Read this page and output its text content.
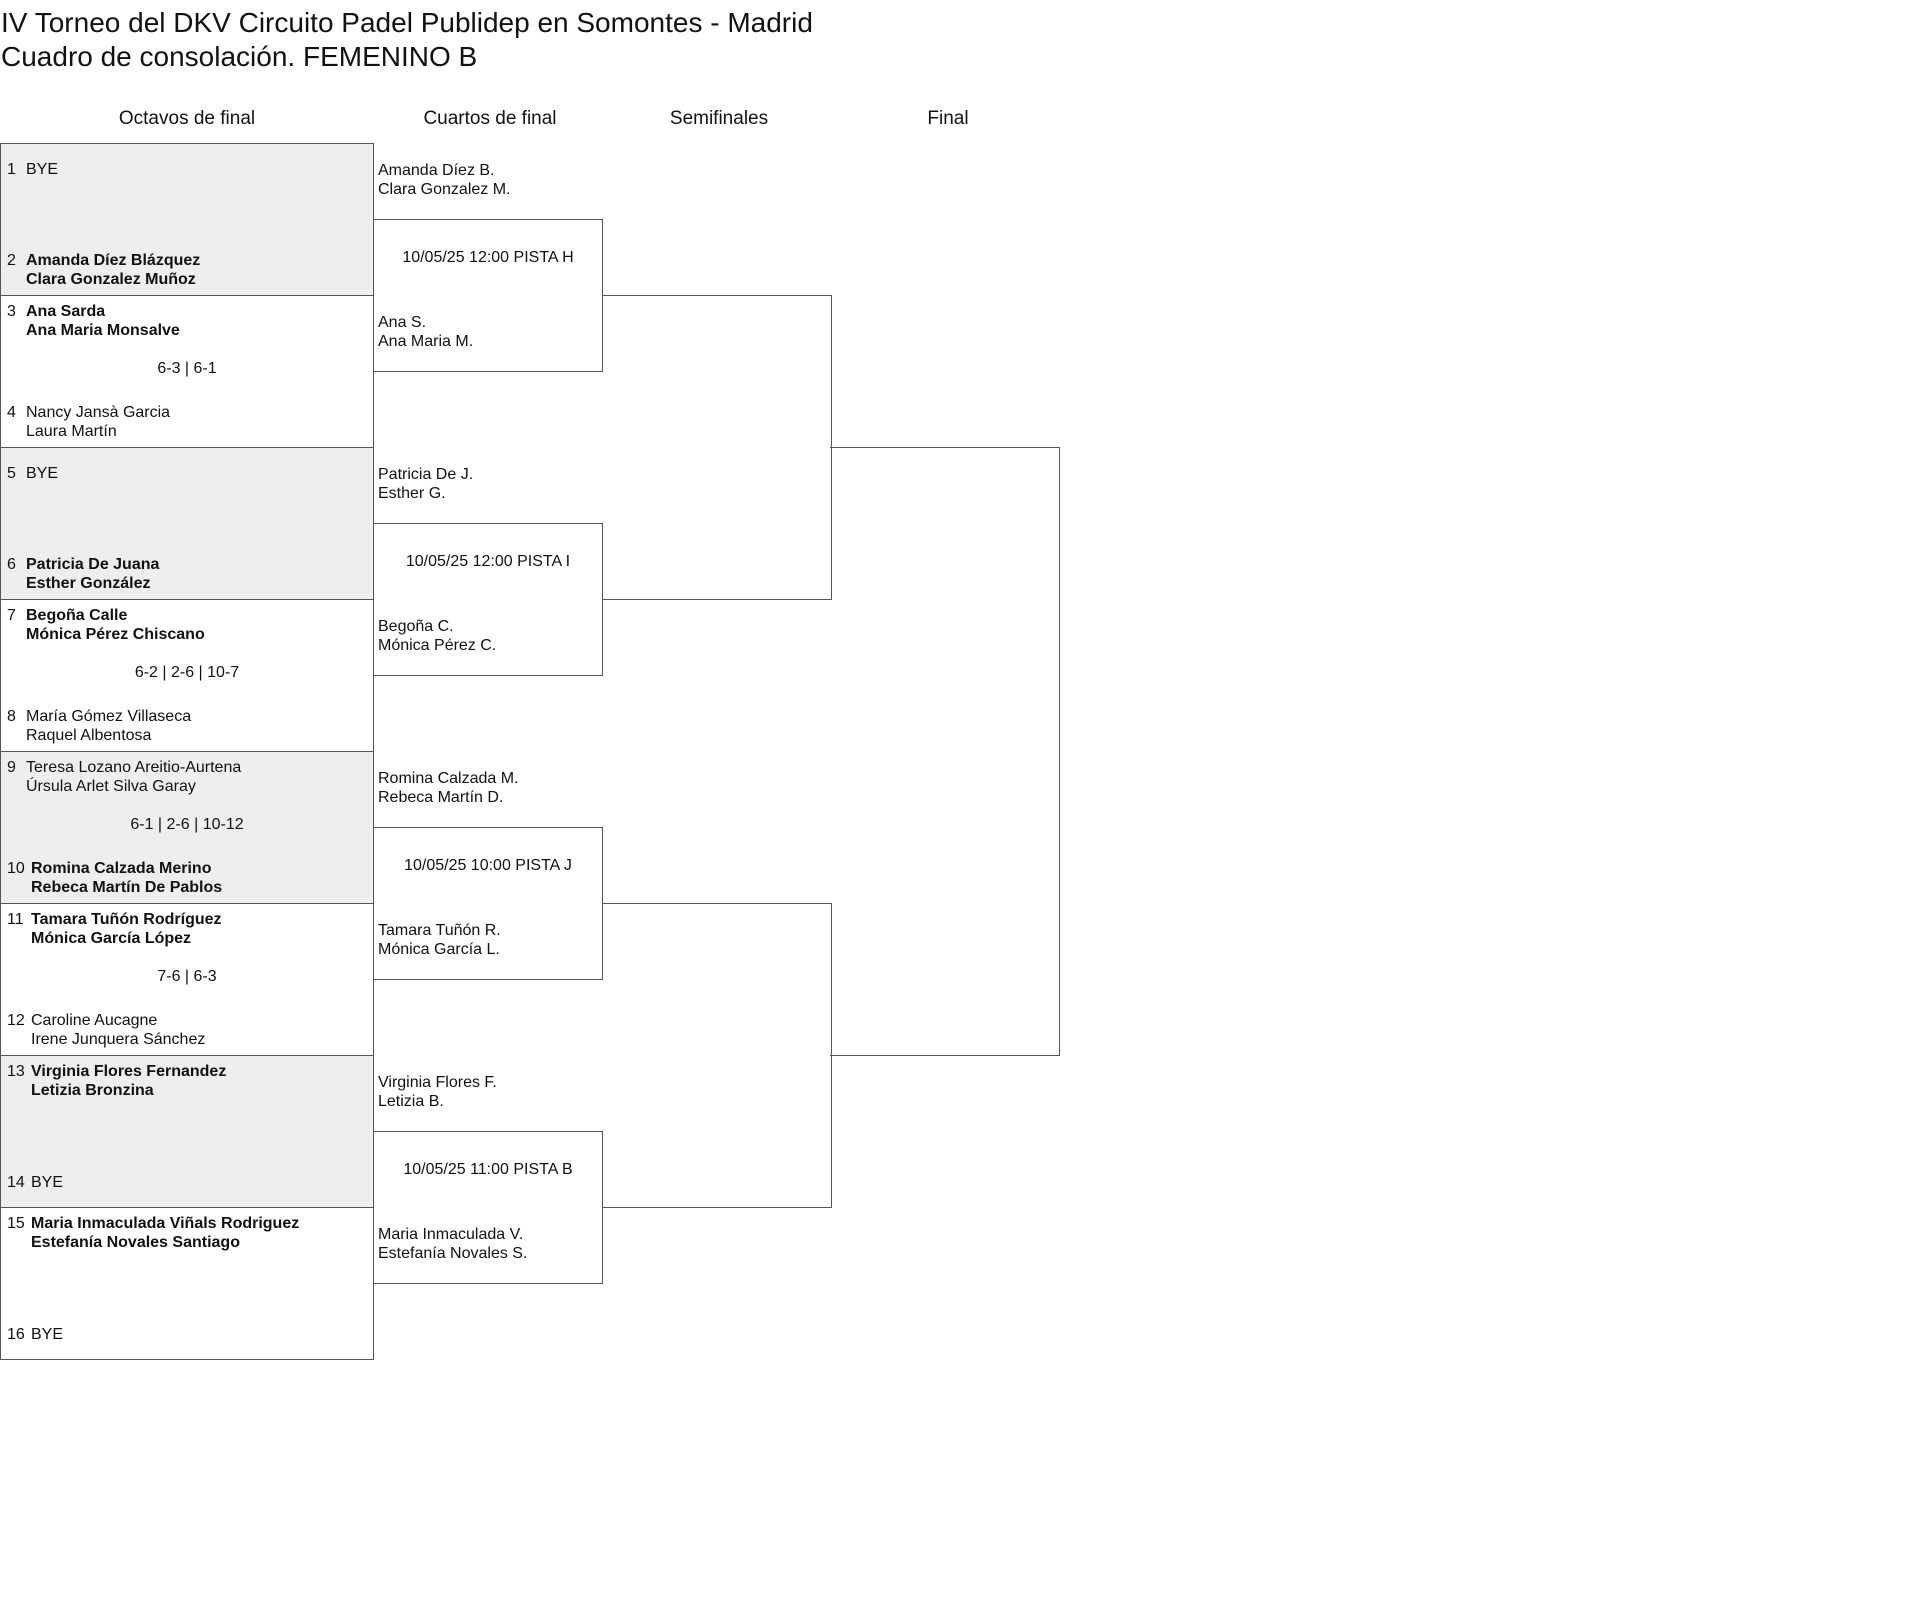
IV Torneo del DKV Circuito Padel Publidep en Somontes - Madrid
Cuadro de consolación. FEMENINO B
Octavos de final	Cuartos de final	Semifinales	Final
1 BYE
2 Amanda Díez Blázquez
Clara Gonzalez Muñoz
3 Ana Sarda
Ana Maria Monsalve
4 Nancy Jansà Garcia
Laura Martín
6-3 | 6-1
5 BYE
6 Patricia De Juana
Esther González
7 Begoña Calle
Mónica Pérez Chiscano
8 María Gómez Villaseca
Raquel Albentosa
6-2 | 2-6 | 10-7
9 Teresa Lozano Areitio-Aurtena
Úrsula Arlet Silva Garay
10 Romina Calzada Merino
Rebeca Martín De Pablos
6-1 | 2-6 | 10-12
11 Tamara Tuñón Rodríguez
Mónica García López
12 Caroline Aucagne
Irene Junquera Sánchez
7-6 | 6-3
13 Virginia Flores Fernandez
Letizia Bronzina
14 BYE
15 Maria Inmaculada Viñals Rodriguez
Estefanía Novales Santiago
16 BYE
Amanda Díez B.
Clara Gonzalez M.
10/05/25 12:00 PISTA H
Ana S.
Ana Maria M.
Patricia De J.
Esther G.
10/05/25 12:00 PISTA I
Begoña C.
Mónica Pérez C.
Romina Calzada M.
Rebeca Martín D.
10/05/25 10:00 PISTA J
Tamara Tuñón R.
Mónica García L.
Virginia Flores F.
Letizia B.
10/05/25 11:00 PISTA B
Maria Inmaculada V.
Estefanía Novales S.
